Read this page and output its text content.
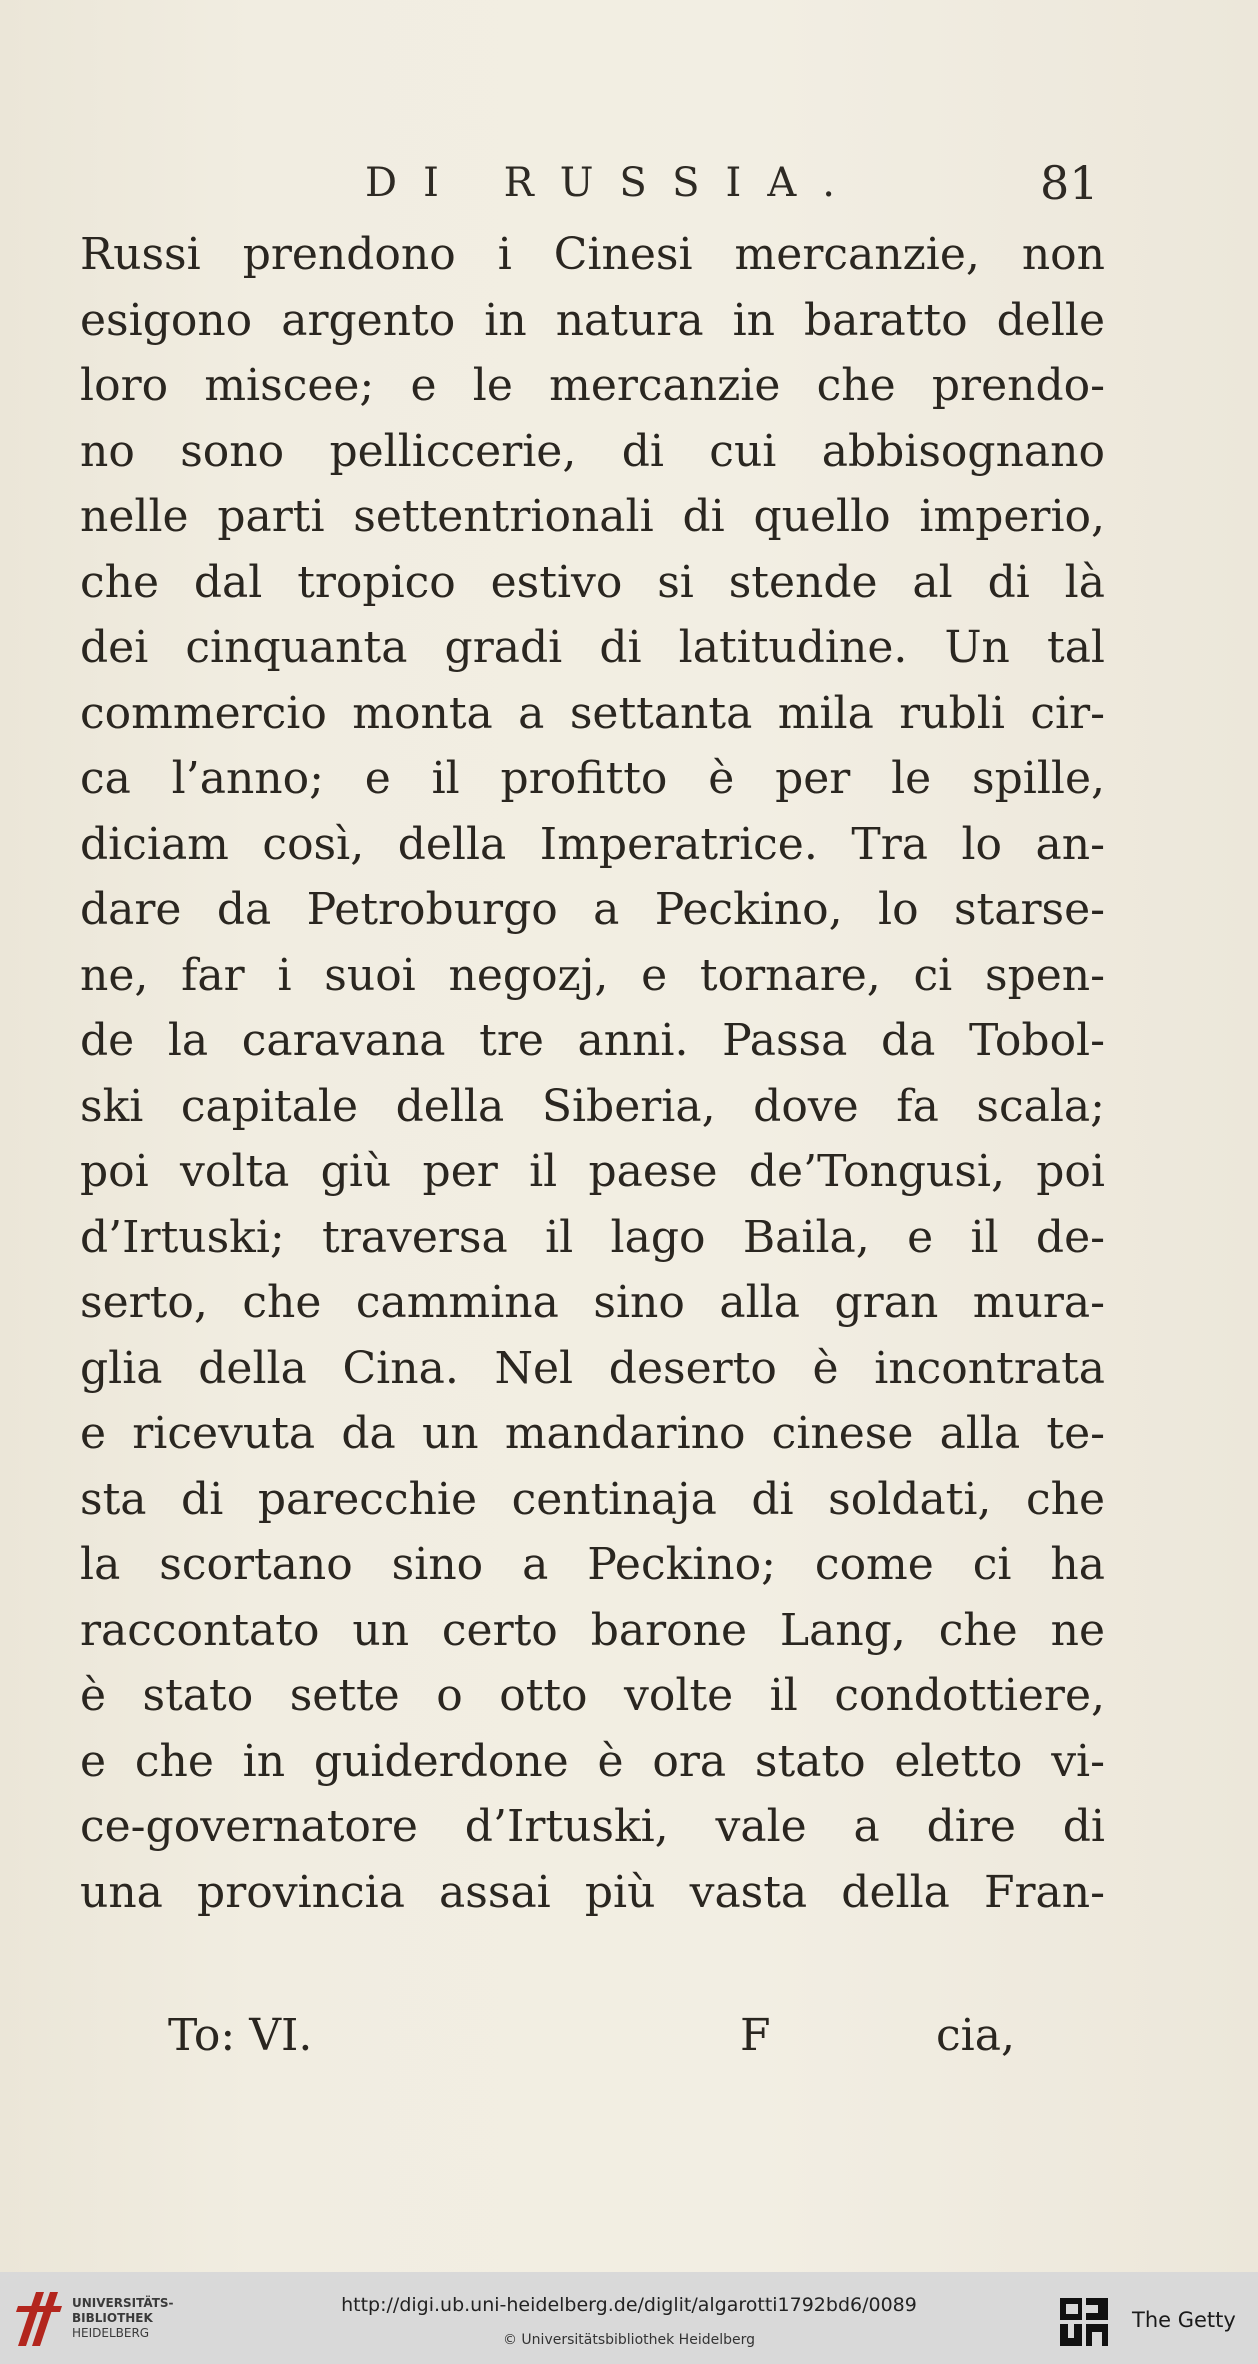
DI RUSSIA.	81
Russi prendono i Cinesi mercanzie, non
esigono argento in natura in baratto delle
loro miscee; e le mercanzie che prendo-
no sono pelliccerie, di cui abbisognano
nelle parti settentrionali di quello imperio,
che dal tropico estivo si stende al di là
dei cinquanta gradi di latitudine. Un tal
commercio monta a settanta mila rubli cir-
ca l’anno; e il profitto è per le spille,
diciam così, della Imperatrice. Tra lo an-
dare da Petroburgo a Peckino, lo starse-
ne, far i suoi negozj, e tornare, ci spen-
de la caravana tre anni. Passa da Tobol-
ski capitale della Siberia, dove fa scala;
poi volta giù per il paese de’Tongusi, poi
d’Irtuski; traversa il lago Baila, e il de-
serto, che cammina sino alla gran mura-
glia della Cina. Nel deserto è incontrata
e ricevuta da un mandarino cinese alla te-
sta di parecchie centinaja di soldati, che
la scortano sino a Peckino; come ci ha
raccontato un certo barone Lang, che ne
è stato sette o otto volte il condottiere,
e che in guiderdone è ora stato eletto vi-
ce-governatore d’Irtuski, vale a dire di
una provincia assai più vasta della Fran-
To: VI.	F	cia,
UNIVERSITÄTS-
BIBLIOTHEK
HEIDELBERG
http://digi.ub.uni-heidelberg.de/diglit/algarotti1792bd6/0089
© Universitätsbibliothek Heidelberg
The Getty
